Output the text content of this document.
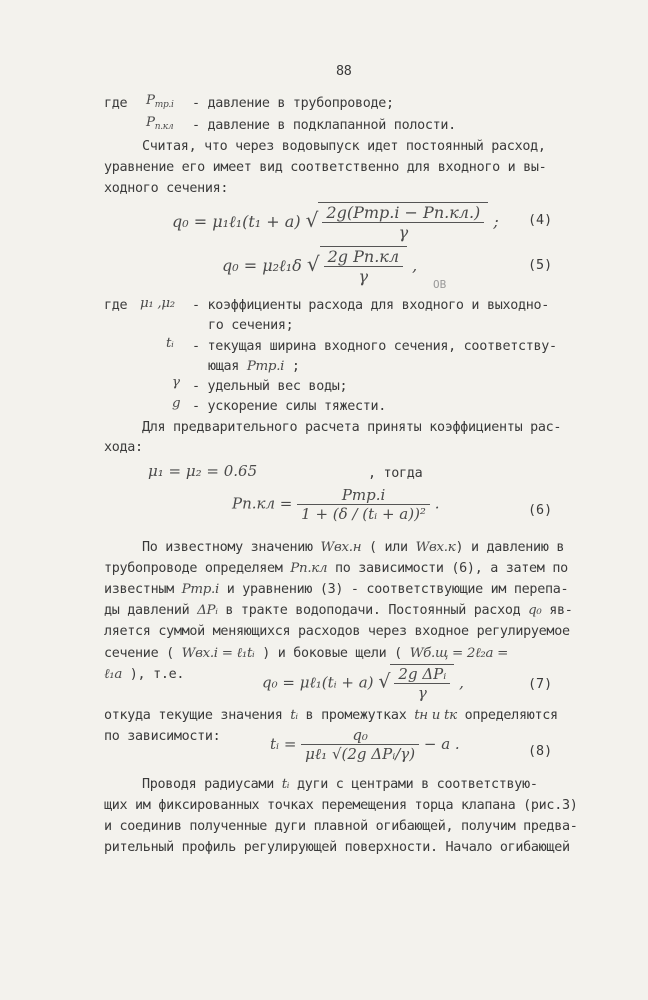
88
где $P_{тр.i}$ - давление в трубопроводе;
$P_{п.кл}$ - давление в подклапанной полости.
Считая, что через водовыпуск идет постоянный расход,
уравнение его имеет вид соответственно для входного и вы-
ходного сечения:
q₀ = μ₁ℓ₁(t₁ + a) √ $\frac{\text{2g(Pтр.i − Pп.кл.)}}{\gamma}$ ; (4)
q₀ = μ₂ℓ₁δ √ $\frac{\text{2g Pп.кл}}{\gamma}$ ,	(5)
ОВ
где μ₁ ,μ₂ - коэффициенты расхода для входного и выходно-
го сечения;
tᵢ - текущая ширина входного сечения, соответству-
ющая Pтр.i ;
γ - удельный вес воды;
g - ускорение силы тяжести.
Для предварительного расчета приняты коэффициенты рас-
хода:
μ₁ = μ₂ = 0.65	, тогда
$Pп.кл = \frac{\text{Pтр.i}}{\text{1 + (δ / (tᵢ + a))²}}$ .	(6)
По известному значению Wвх.н ( или Wвх.к) и давлению в
трубопроводе определяем Pп.кл по зависимости (6), а затем по
известным Pтр.i и уравнению (3) - соответствующие им перепа-
ды давлений ΔPᵢ в тракте водоподачи. Постоянный расход q₀ яв-
ляется суммой меняющихся расходов через входное регулируемое
сечение ( Wвх.i = ℓ₁tᵢ ) и боковые щели ( Wб.щ = 2ℓ₂a =
ℓ₁a ), т.е.	q₀ = μℓ₁(tᵢ + a) √ $\frac{\text{2g ΔPᵢ}}{\gamma}$ ,	(7)
откуда текущие значения tᵢ в промежутках tн u tк определяются
по зависимости:	tᵢ = $\frac{\text{q₀}}{\text{μℓ₁ √(2g ΔPᵢ/γ)}} - a$ .	(8)
Проводя радиусами tᵢ дуги с центрами в соответствую-
щих им фиксированных точках перемещения торца клапана (рис.3)
и соединив полученные дуги плавной огибающей, получим предва-
рительный профиль регулирующей поверхности. Начало огибающей
